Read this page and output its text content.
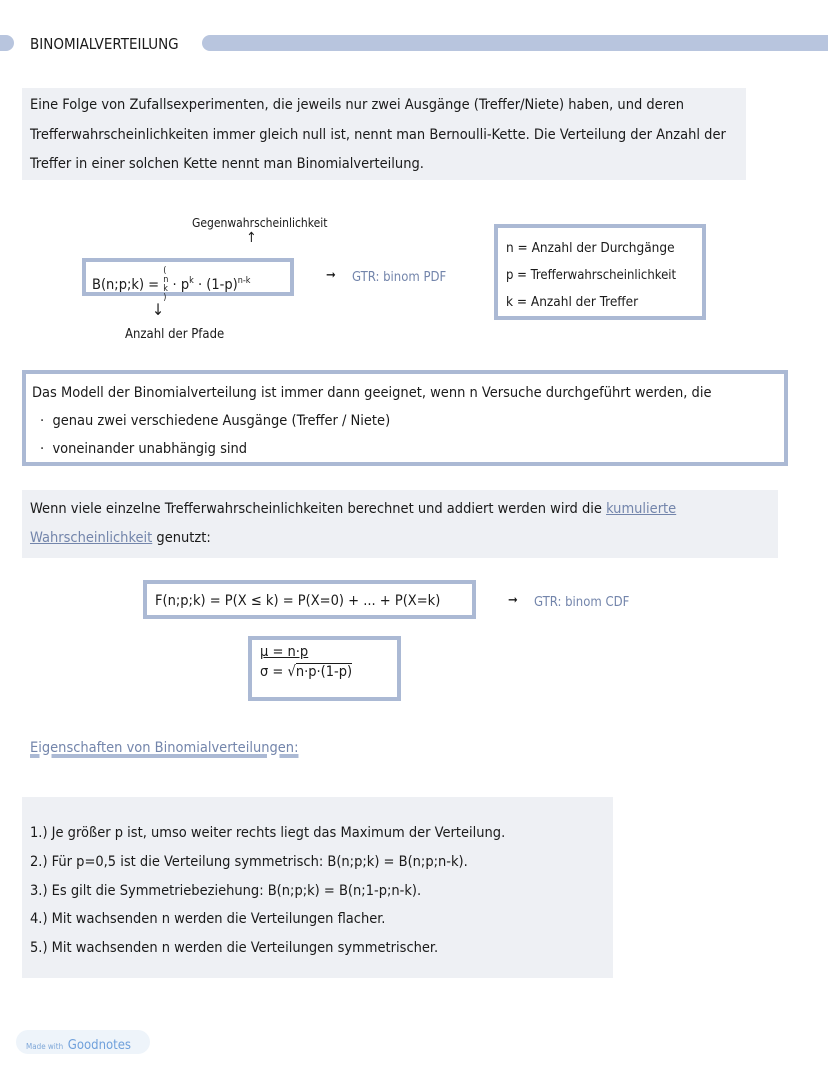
BINOMIALVERTEILUNG
Eine Folge von Zufallsexperimenten, die jeweils nur zwei Ausgänge (Treffer/Niete) haben, und deren
Trefferwahrscheinlichkeiten immer gleich null ist, nennt man Bernoulli-Kette. Die Verteilung der Anzahl der
Treffer in einer solchen Kette nennt man Binomialverteilung.
Gegenwahrscheinlichkeit
↑
B(n;p;k) = (
n
k
) · $p^k \cdot (1-p)^{n-k}$
↓
Anzahl der Pfade
➞ GTR: binom PDF
n = Anzahl der Durchgänge
p = Trefferwahrscheinlichkeit
k = Anzahl der Treffer
Das Modell der Binomialverteilung ist immer dann geeignet, wenn n Versuche durchgeführt werden, die
·  genau zwei verschiedene Ausgänge (Treffer / Niete)
·  voneinander unabhängig sind
Wenn viele einzelne Trefferwahrscheinlichkeiten berechnet und addiert werden wird die kumulierte
Wahrscheinlichkeit genutzt:
F(n;p;k) = P(X ≤ k) = P(X=0) + ... + P(X=k)	➞ GTR: binom CDF
μ = n·p
σ = √n·p·(1-p)
Eigenschaften von Binomialverteilungen:
1.) Je größer p ist, umso weiter rechts liegt das Maximum der Verteilung.
2.) Für p=0,5 ist die Verteilung symmetrisch: B(n;p;k) = B(n;p;n-k).
3.) Es gilt die Symmetriebeziehung: B(n;p;k) = B(n;1-p;n-k).
4.) Mit wachsenden n werden die Verteilungen flacher.
5.) Mit wachsenden n werden die Verteilungen symmetrischer.
Made with Goodnotes
